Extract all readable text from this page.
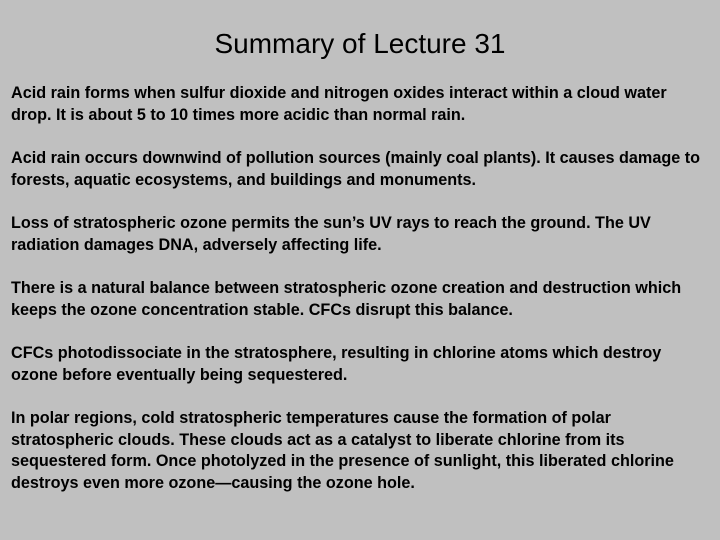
Summary of Lecture 31

Acid rain forms when sulfur dioxide and nitrogen oxides interact within a cloud water drop. It is about 5 to 10 times more acidic than normal rain.

Acid rain occurs downwind of pollution sources (mainly coal plants). It causes damage to forests, aquatic ecosystems, and buildings and monuments.

Loss of stratospheric ozone permits the sun’s UV rays to reach the ground. The UV radiation damages DNA, adversely affecting life.

There is a natural balance between stratospheric ozone creation and destruction which keeps the ozone concentration stable. CFCs disrupt this balance.

CFCs photodissociate in the stratosphere, resulting in chlorine atoms which destroy ozone before eventually being sequestered.

In polar regions, cold stratospheric temperatures cause the formation of polar stratospheric clouds. These clouds act as a catalyst to liberate chlorine from its sequestered form. Once photolyzed in the presence of sunlight, this liberated chlorine destroys even more ozone—causing the ozone hole.
